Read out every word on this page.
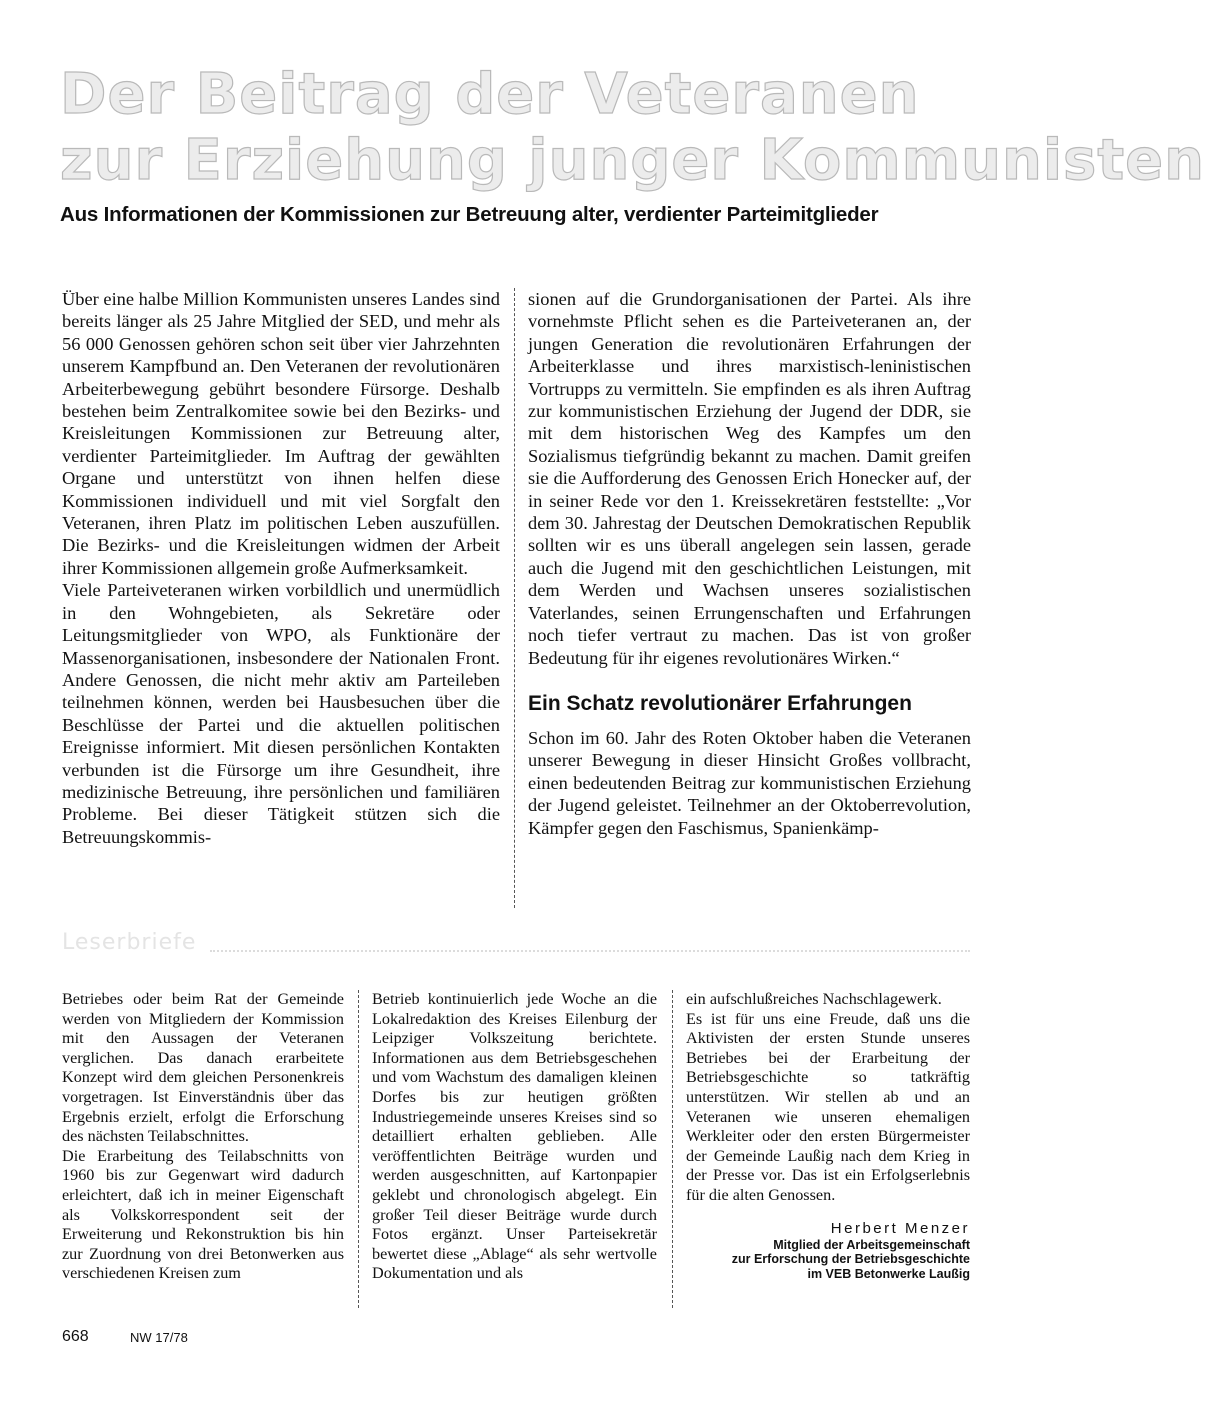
Der Beitrag der Veteranen
zur Erziehung junger Kommunisten
Aus Informationen der Kommissionen zur Betreuung alter, verdienter Parteimitglieder

Über eine halbe Million Kommunisten unseres Landes sind bereits länger als 25 Jahre Mitglied der SED, und mehr als 56 000 Genossen gehören schon seit über vier Jahrzehnten unserem Kampfbund an. Den Veteranen der revolutionären Arbeiterbewegung gebührt besondere Fürsorge. Deshalb bestehen beim Zentralkomitee sowie bei den Bezirks- und Kreisleitungen Kommissionen zur Betreuung alter, verdienter Parteimitglieder. Im Auftrag der gewählten Organe und unterstützt von ihnen helfen diese Kommissionen individuell und mit viel Sorgfalt den Veteranen, ihren Platz im politischen Leben auszufüllen. Die Bezirks- und die Kreisleitungen widmen der Arbeit ihrer Kommissionen allgemein große Aufmerksamkeit.

Viele Parteiveteranen wirken vorbildlich und unermüdlich in den Wohngebieten, als Sekretäre oder Leitungsmitglieder von WPO, als Funktionäre der Massenorganisationen, insbesondere der Nationalen Front. Andere Genossen, die nicht mehr aktiv am Parteileben teilnehmen können, werden bei Hausbesuchen über die Beschlüsse der Partei und die aktuellen politischen Ereignisse informiert. Mit diesen persönlichen Kontakten verbunden ist die Fürsorge um ihre Gesundheit, ihre medizinische Betreuung, ihre persönlichen und familiären Probleme. Bei dieser Tätigkeit stützen sich die Betreuungskommis-

sionen auf die Grundorganisationen der Partei. Als ihre vornehmste Pflicht sehen es die Parteiveteranen an, der jungen Generation die revolutionären Erfahrungen der Arbeiterklasse und ihres marxistisch-leninistischen Vortrupps zu vermitteln. Sie empfinden es als ihren Auftrag zur kommunistischen Erziehung der Jugend der DDR, sie mit dem historischen Weg des Kampfes um den Sozialismus tiefgründig bekannt zu machen. Damit greifen sie die Aufforderung des Genossen Erich Honecker auf, der in seiner Rede vor den 1. Kreissekretären feststellte: „Vor dem 30. Jahrestag der Deutschen Demokratischen Republik sollten wir es uns überall angelegen sein lassen, gerade auch die Jugend mit den geschichtlichen Leistungen, mit dem Werden und Wachsen unseres sozialistischen Vaterlandes, seinen Errungenschaften und Erfahrungen noch tiefer vertraut zu machen. Das ist von großer Bedeutung für ihr eigenes revolutionäres Wirken.“

Ein Schatz revolutionärer Erfahrungen

Schon im 60. Jahr des Roten Oktober haben die Veteranen unserer Bewegung in dieser Hinsicht Großes vollbracht, einen bedeutenden Beitrag zur kommunistischen Erziehung der Jugend geleistet. Teilnehmer an der Oktoberrevolution, Kämpfer gegen den Faschismus, Spanienkämp-

Leserbriefe

Betriebes oder beim Rat der Gemeinde werden von Mitgliedern der Kommission mit den Aussagen der Veteranen verglichen. Das danach erarbeitete Konzept wird dem gleichen Personenkreis vorgetragen. Ist Einverständnis über das Ergebnis erzielt, erfolgt die Erforschung des nächsten Teilabschnittes.

Die Erarbeitung des Teilabschnitts von 1960 bis zur Gegenwart wird dadurch erleichtert, daß ich in meiner Eigenschaft als Volkskorrespondent seit der Erweiterung und Rekonstruktion bis hin zur Zuordnung von drei Betonwerken aus verschiedenen Kreisen zum

Betrieb kontinuierlich jede Woche an die Lokalredaktion des Kreises Eilenburg der Leipziger Volkszeitung berichtete. Informationen aus dem Betriebsgeschehen und vom Wachstum des damaligen kleinen Dorfes bis zur heutigen größten Industriegemeinde unseres Kreises sind so detailliert erhalten geblieben. Alle veröffentlichten Beiträge wurden und werden ausgeschnitten, auf Kartonpapier geklebt und chronologisch abgelegt. Ein großer Teil dieser Beiträge wurde durch Fotos ergänzt. Unser Parteisekretär bewertet diese „Ablage“ als sehr wertvolle Dokumentation und als

ein aufschlußreiches Nachschlagewerk.

Es ist für uns eine Freude, daß uns die Aktivisten der ersten Stunde unseres Betriebes bei der Erarbeitung der Betriebsgeschichte so tatkräftig unterstützen. Wir stellen ab und an Veteranen wie unseren ehemaligen Werkleiter oder den ersten Bürgermeister der Gemeinde Laußig nach dem Krieg in der Presse vor. Das ist ein Erfolgserlebnis für die alten Genossen.

Herbert Menzer

Mitglied der Arbeitsgemeinschaft

zur Erforschung der Betriebsgeschichte

im VEB Betonwerke Laußig

668	NW 17/78
